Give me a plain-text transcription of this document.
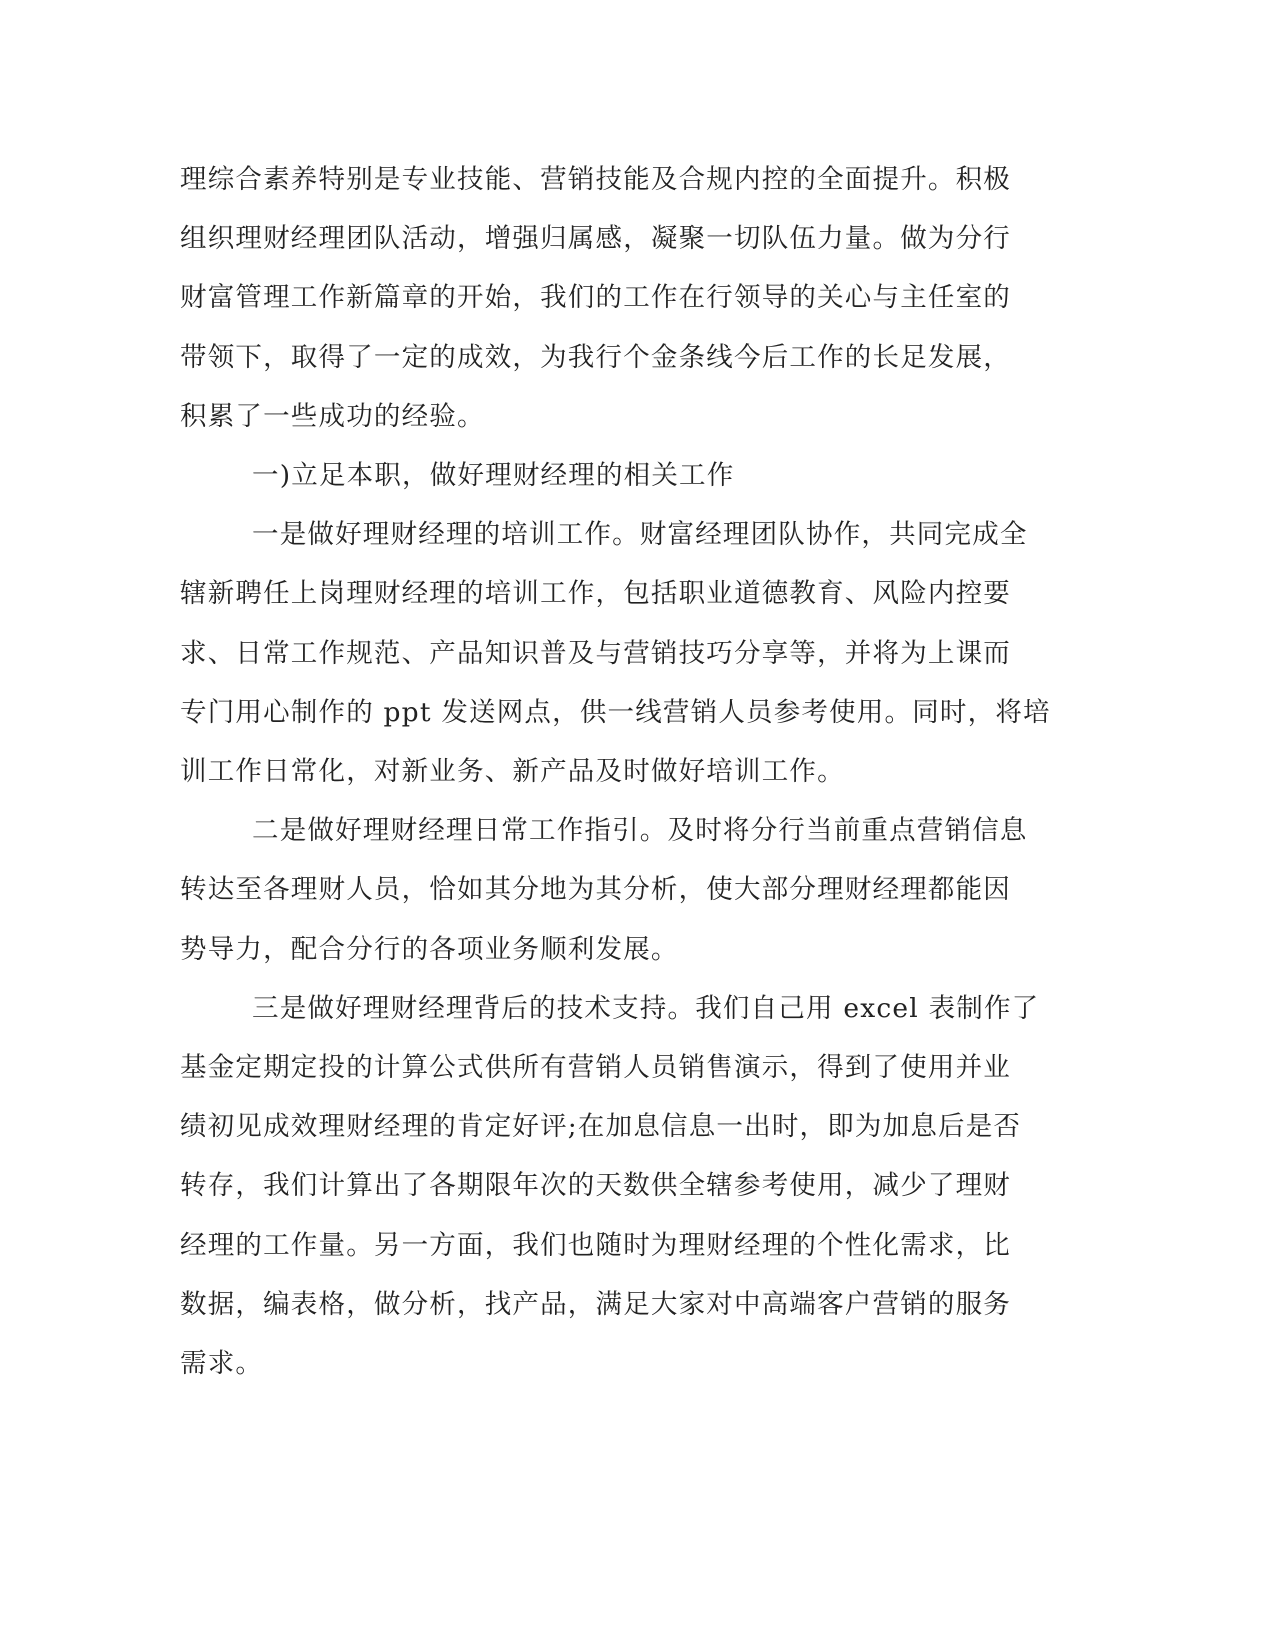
理综合素养特别是专业技能、营销技能及合规内控的全面提升。积极
组织理财经理团队活动，增强归属感，凝聚一切队伍力量。做为分行
财富管理工作新篇章的开始，我们的工作在行领导的关心与主任室的
带领下，取得了一定的成效，为我行个金条线今后工作的长足发展，
积累了一些成功的经验。

一)立足本职，做好理财经理的相关工作

一是做好理财经理的培训工作。财富经理团队协作，共同完成全
辖新聘任上岗理财经理的培训工作，包括职业道德教育、风险内控要
求、日常工作规范、产品知识普及与营销技巧分享等，并将为上课而
专门用心制作的 ppt 发送网点，供一线营销人员参考使用。同时，将培
训工作日常化，对新业务、新产品及时做好培训工作。

二是做好理财经理日常工作指引。及时将分行当前重点营销信息
转达至各理财人员，恰如其分地为其分析，使大部分理财经理都能因
势导力，配合分行的各项业务顺利发展。

三是做好理财经理背后的技术支持。我们自己用 excel 表制作了
基金定期定投的计算公式供所有营销人员销售演示，得到了使用并业
绩初见成效理财经理的肯定好评;在加息信息一出时，即为加息后是否
转存，我们计算出了各期限年次的天数供全辖参考使用，减少了理财
经理的工作量。另一方面，我们也随时为理财经理的个性化需求，比
数据，编表格，做分析，找产品，满足大家对中高端客户营销的服务
需求。
